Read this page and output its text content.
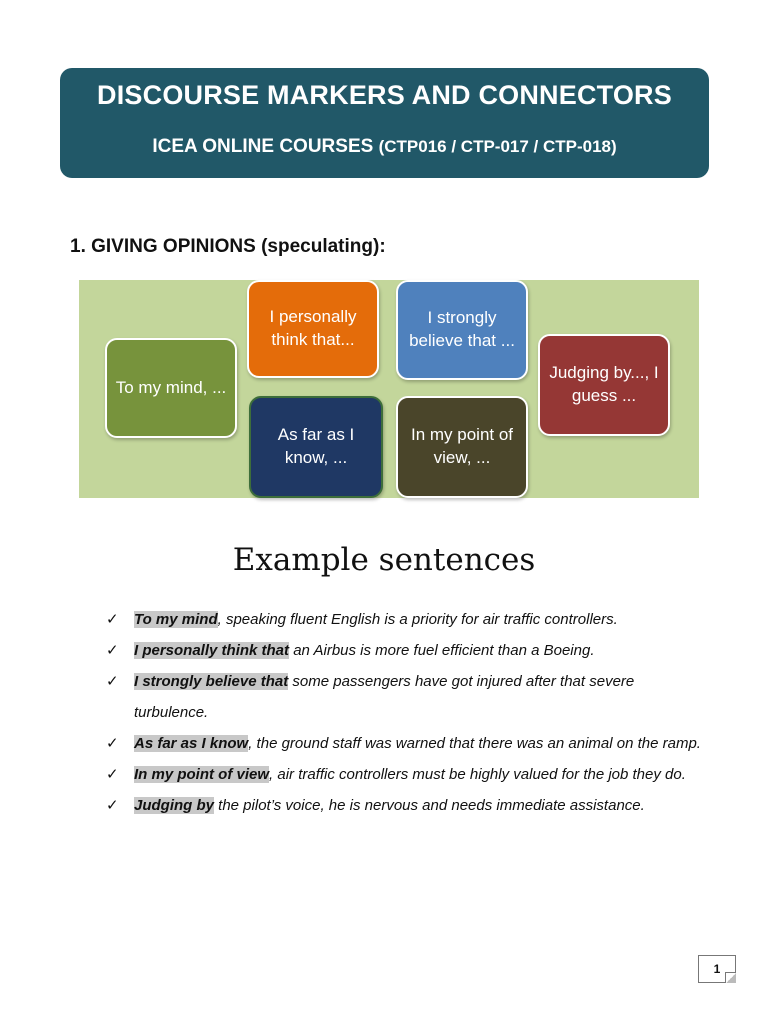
DISCOURSE MARKERS AND CONNECTORS
ICEA ONLINE COURSES (CTP016 / CTP-017 / CTP-018)
1. GIVING OPINIONS (speculating):
To my mind, ...
I personally think that...
I strongly believe that ...
Judging by..., I guess ...
As far as I know, ...
In my point of view, ...
Example sentences
✓ To my mind, speaking fluent English is a priority for air traffic controllers.
✓ I personally think that an Airbus is more fuel efficient than a Boeing.
✓ I strongly believe that some passengers have got injured after that severe turbulence.
✓ As far as I know, the ground staff was warned that there was an animal on the ramp.
✓ In my point of view, air traffic controllers must be highly valued for the job they do.
✓ Judging by the pilot’s voice, he is nervous and needs immediate assistance.
1
